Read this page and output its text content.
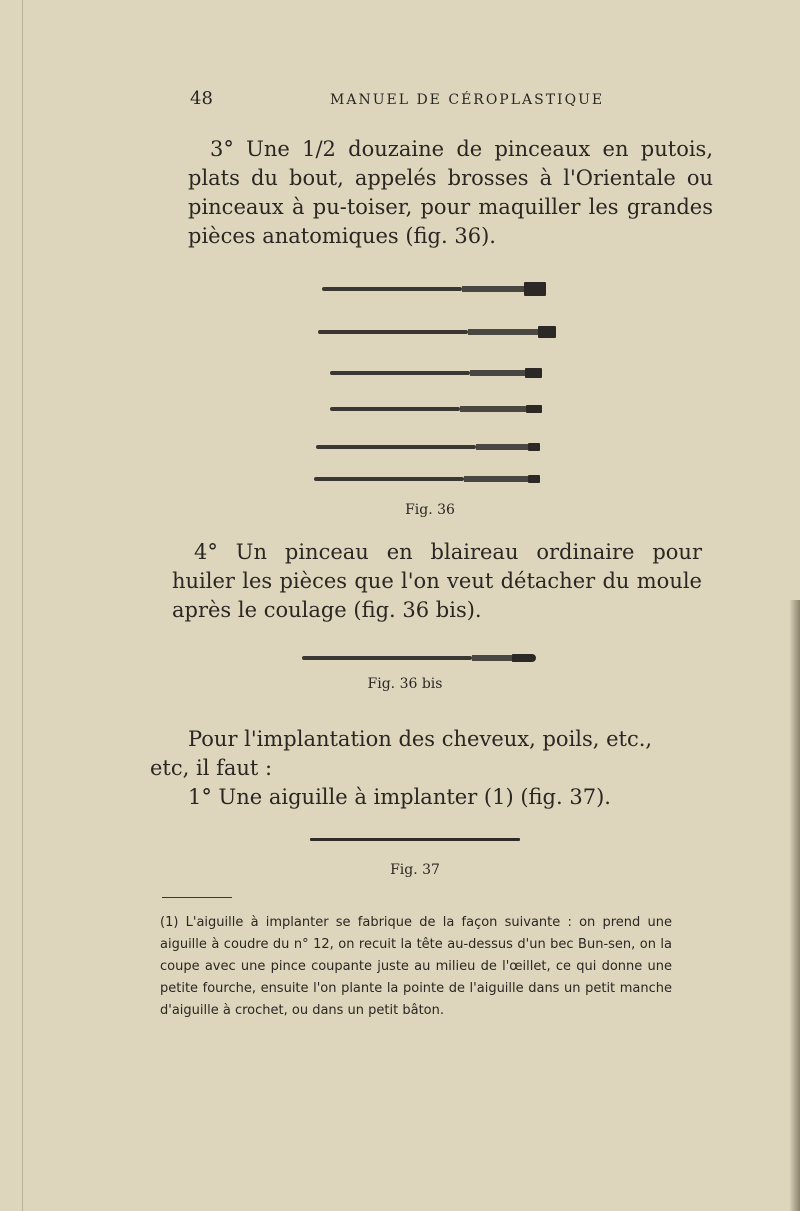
48	MANUEL DE CÉROPLASTIQUE
3° Une 1/2 douzaine de pinceaux en putois, plats du bout, appelés brosses à l'Orientale ou pinceaux à pu-toiser, pour maquiller les grandes pièces anatomiques (fig. 36).
Fig. 36
4° Un pinceau en blaireau ordinaire pour huiler les pièces que l'on veut détacher du moule après le coulage (fig. 36 bis).
Fig. 36 bis
Pour l'implantation des cheveux, poils, etc., etc, il faut :
1° Une aiguille à implanter (1) (fig. 37).
Fig. 37
(1) L'aiguille à implanter se fabrique de la façon suivante : on prend une aiguille à coudre du n° 12, on recuit la tête au-dessus d'un bec Bun-sen, on la coupe avec une pince coupante juste au milieu de l'œillet, ce qui donne une petite fourche, ensuite l'on plante la pointe de l'aiguille dans un petit manche d'aiguille à crochet, ou dans un petit bâton.
